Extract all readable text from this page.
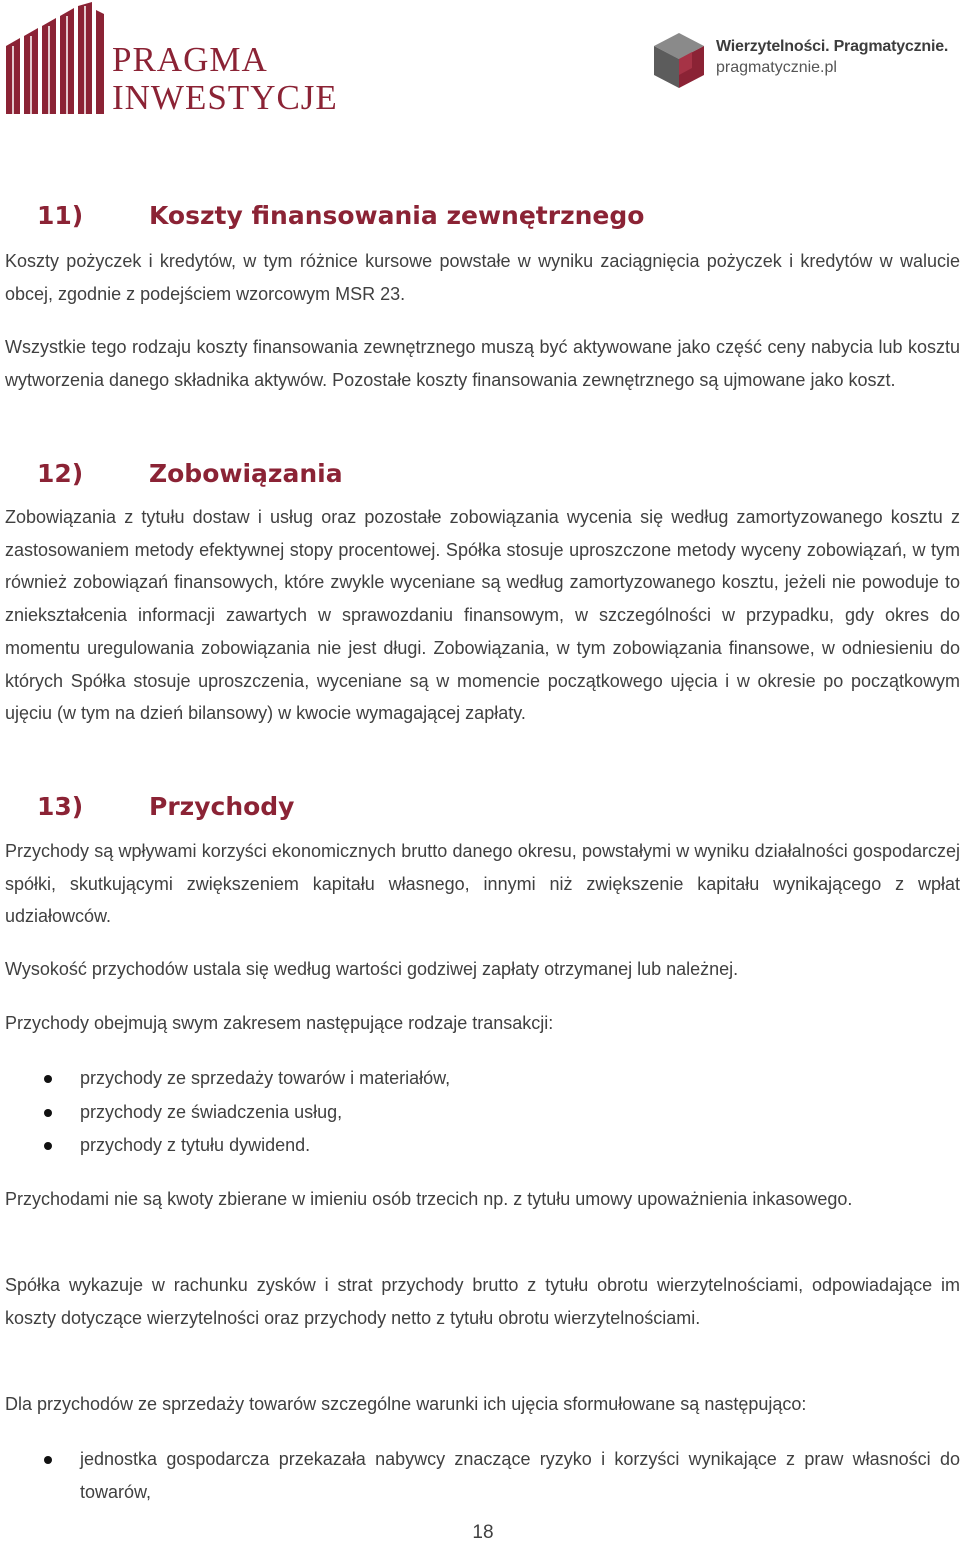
PRAGMA
INWESTYCJE
Wierzytelności. Pragmatycznie.
pragmatycznie.pl
11)	Koszty finansowania zewnętrznego
Koszty pożyczek i kredytów, w tym różnice kursowe powstałe w wyniku zaciągnięcia pożyczek i kredytów w walucie obcej, zgodnie z podejściem wzorcowym MSR 23.
Wszystkie tego rodzaju koszty finansowania zewnętrznego muszą być aktywowane jako część ceny nabycia lub kosztu wytworzenia danego składnika aktywów. Pozostałe koszty finansowania zewnętrznego są ujmowane jako koszt.
12)	Zobowiązania
Zobowiązania z tytułu dostaw i usług oraz pozostałe zobowiązania wycenia się według zamortyzowanego kosztu z zastosowaniem metody efektywnej stopy procentowej. Spółka stosuje uproszczone metody wyceny zobowiązań, w tym również zobowiązań finansowych, które zwykle wyceniane są według zamortyzowanego kosztu, jeżeli nie powoduje to zniekształcenia informacji zawartych w sprawozdaniu finansowym, w szczególności w przypadku, gdy okres do momentu uregulowania zobowiązania nie jest długi. Zobowiązania, w tym zobowiązania finansowe, w odniesieniu do których Spółka stosuje uproszczenia, wyceniane są w momencie początkowego ujęcia i w okresie po początkowym ujęciu (w tym na dzień bilansowy) w kwocie wymagającej zapłaty.
13)	Przychody
Przychody są wpływami korzyści ekonomicznych brutto danego okresu, powstałymi w wyniku działalności gospodarczej spółki, skutkującymi zwiększeniem kapitału własnego, innymi niż zwiększenie kapitału wynikającego z wpłat udziałowców.
Wysokość przychodów ustala się według wartości godziwej zapłaty otrzymanej lub należnej.
Przychody obejmują swym zakresem następujące rodzaje transakcji:
przychody ze sprzedaży towarów i materiałów,
przychody ze świadczenia usług,
przychody z tytułu dywidend.
Przychodami nie są kwoty zbierane w imieniu osób trzecich np. z tytułu umowy upoważnienia inkasowego.
Spółka wykazuje w rachunku zysków i strat przychody brutto z tytułu obrotu wierzytelnościami, odpowiadające im koszty dotyczące wierzytelności oraz przychody netto z tytułu obrotu wierzytelnościami.
Dla przychodów ze sprzedaży towarów szczególne warunki ich ujęcia sformułowane są następująco:
jednostka gospodarcza przekazała nabywcy znaczące ryzyko i korzyści wynikające z praw własności do towarów,
18
